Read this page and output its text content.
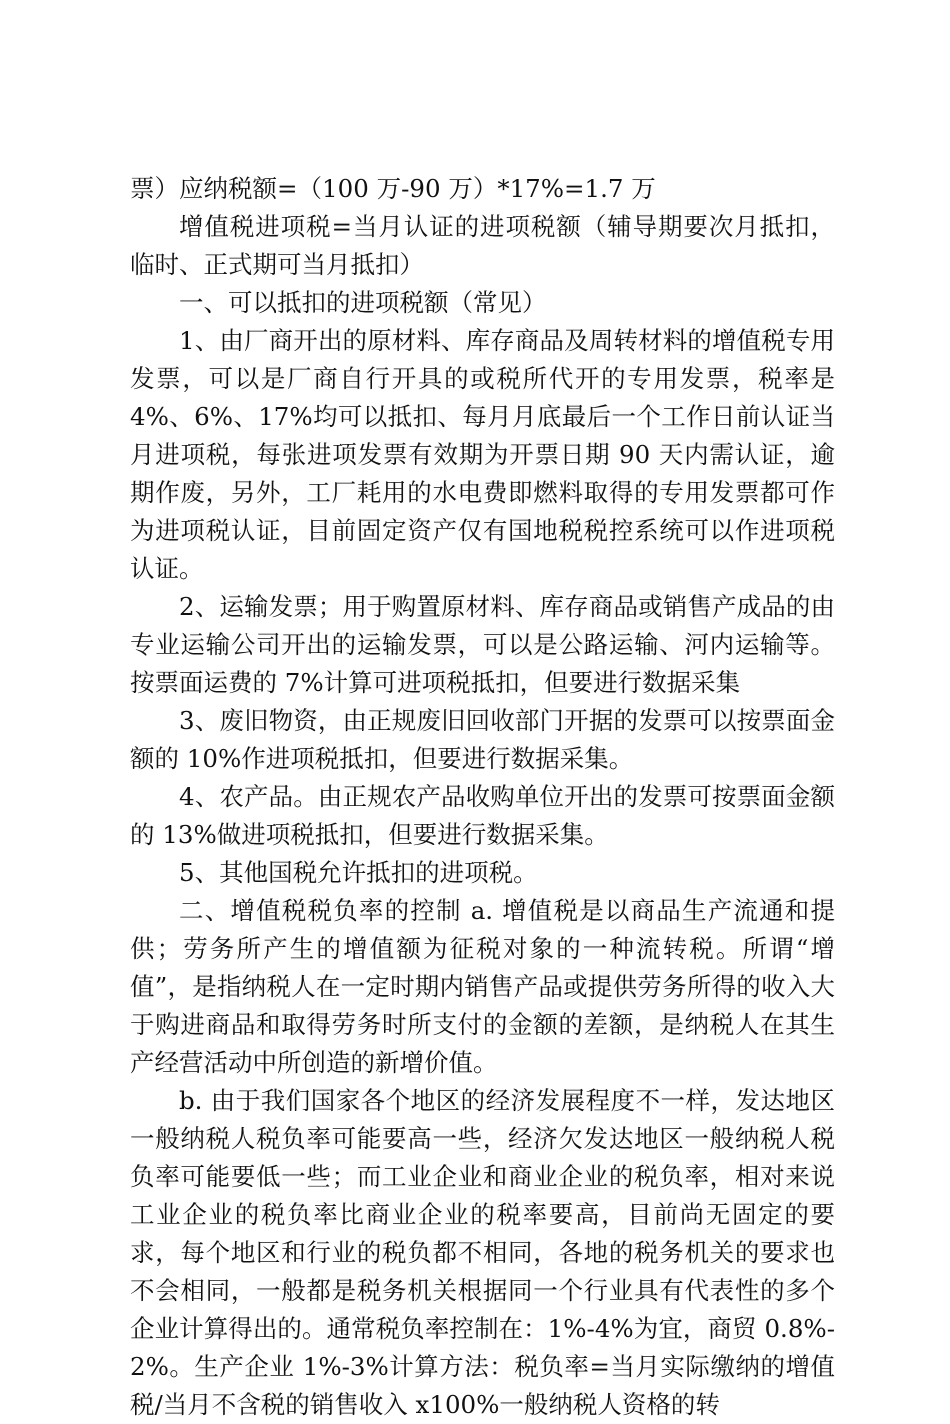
票）应纳税额=（100 万-90 万）*17%=1.7 万

增值税进项税=当月认证的进项税额（辅导期要次月抵扣，临时、正式期可当月抵扣）

一、可以抵扣的进项税额（常见）

1、由厂商开出的原材料、库存商品及周转材料的增值税专用发票，可以是厂商自行开具的或税所代开的专用发票，税率是 4%、6%、17%均可以抵扣、每月月底最后一个工作日前认证当月进项税，每张进项发票有效期为开票日期 90 天内需认证，逾期作废，另外，工厂耗用的水电费即燃料取得的专用发票都可作为进项税认证，目前固定资产仅有国地税税控系统可以作进项税认证。

2、运输发票；用于购置原材料、库存商品或销售产成品的由专业运输公司开出的运输发票，可以是公路运输、河内运输等。按票面运费的 7%计算可进项税抵扣，但要进行数据采集

3、废旧物资，由正规废旧回收部门开据的发票可以按票面金额的 10%作进项税抵扣，但要进行数据采集。

4、农产品。由正规农产品收购单位开出的发票可按票面金额的 13%做进项税抵扣，但要进行数据采集。

5、其他国税允许抵扣的进项税。

二、增值税税负率的控制 a. 增值税是以商品生产流通和提供；劳务所产生的增值额为征税对象的一种流转税。所谓“增值”，是指纳税人在一定时期内销售产品或提供劳务所得的收入大于购进商品和取得劳务时所支付的金额的差额，是纳税人在其生产经营活动中所创造的新增价值。

b. 由于我们国家各个地区的经济发展程度不一样，发达地区一般纳税人税负率可能要高一些，经济欠发达地区一般纳税人税负率可能要低一些；而工业企业和商业企业的税负率，相对来说工业企业的税负率比商业企业的税率要高，目前尚无固定的要求，每个地区和行业的税负都不相同，各地的税务机关的要求也不会相同，一般都是税务机关根据同一个行业具有代表性的多个企业计算得出的。通常税负率控制在：1%-4%为宜，商贸 0.8%-2%。生产企业 1%-3%计算方法：税负率=当月实际缴纳的增值税/当月不含税的销售收入 x100%一般纳税人资格的转
